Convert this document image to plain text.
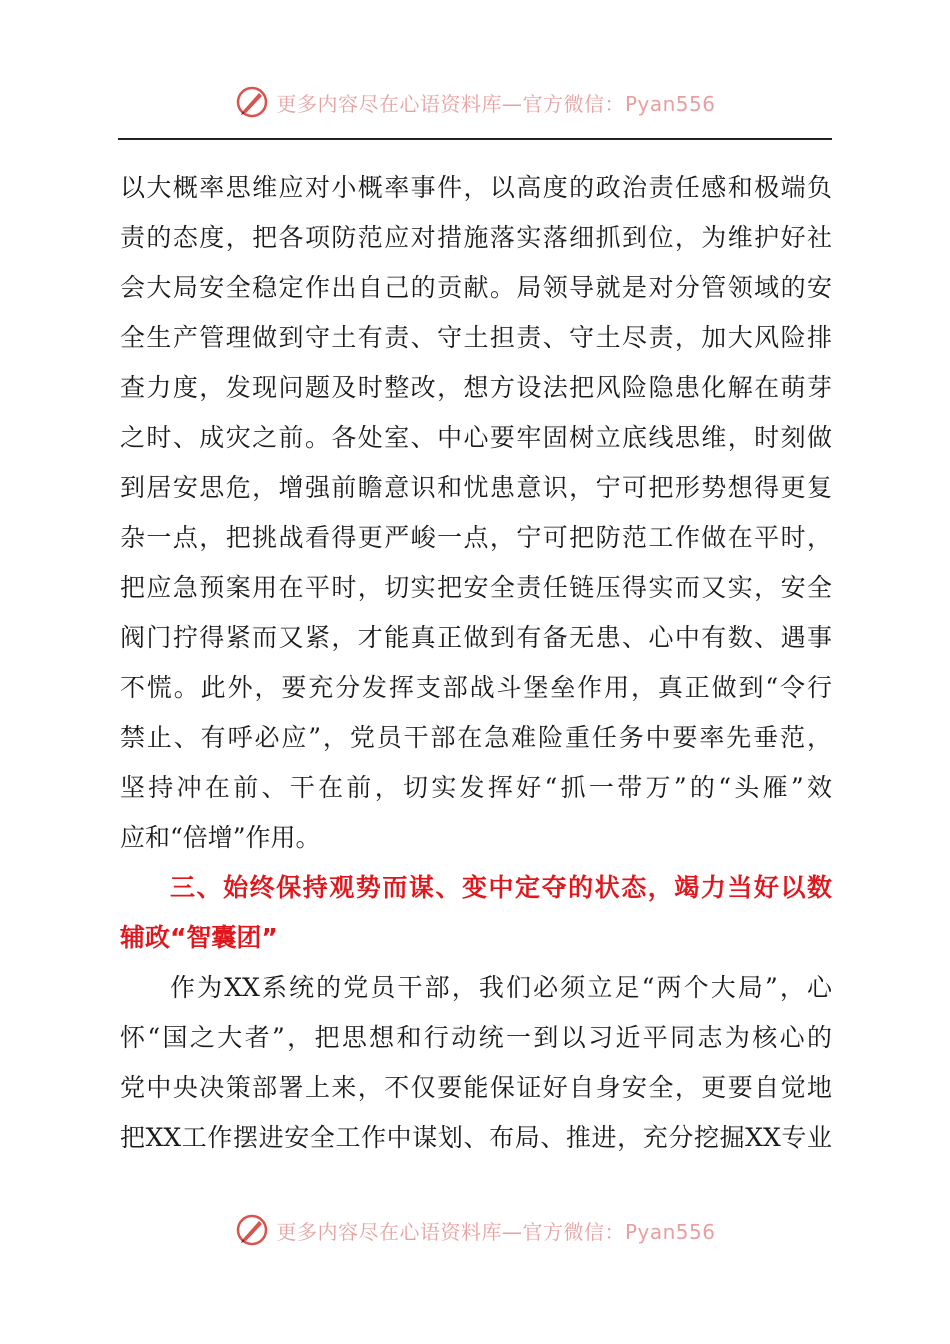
更多内容尽在心语资料库—官方微信：Pyan556
以大概率思维应对小概率事件，以高度的政治责任感和极端负
责的态度，把各项防范应对措施落实落细抓到位，为维护好社
会大局安全稳定作出自己的贡献。局领导就是对分管领域的安
全生产管理做到守土有责、守土担责、守土尽责，加大风险排
查力度，发现问题及时整改，想方设法把风险隐患化解在萌芽
之时、成灾之前。各处室、中心要牢固树立底线思维，时刻做
到居安思危，增强前瞻意识和忧患意识，宁可把形势想得更复
杂一点，把挑战看得更严峻一点，宁可把防范工作做在平时，
把应急预案用在平时，切实把安全责任链压得实而又实，安全
阀门拧得紧而又紧，才能真正做到有备无患、心中有数、遇事
不慌。此外，要充分发挥支部战斗堡垒作用，真正做到“令行
禁止、有呼必应”，党员干部在急难险重任务中要率先垂范，
坚持冲在前、干在前，切实发挥好“抓一带万”的“头雁”效
应和“倍增”作用。
三、始终保持观势而谋、变中定夺的状态，竭力当好以数
辅政“智囊团”
作为XX系统的党员干部，我们必须立足“两个大局”，心
怀“国之大者”，把思想和行动统一到以习近平同志为核心的
党中央决策部署上来，不仅要能保证好自身安全，更要自觉地
把XX工作摆进安全工作中谋划、布局、推进，充分挖掘XX专业
更多内容尽在心语资料库—官方微信：Pyan556
